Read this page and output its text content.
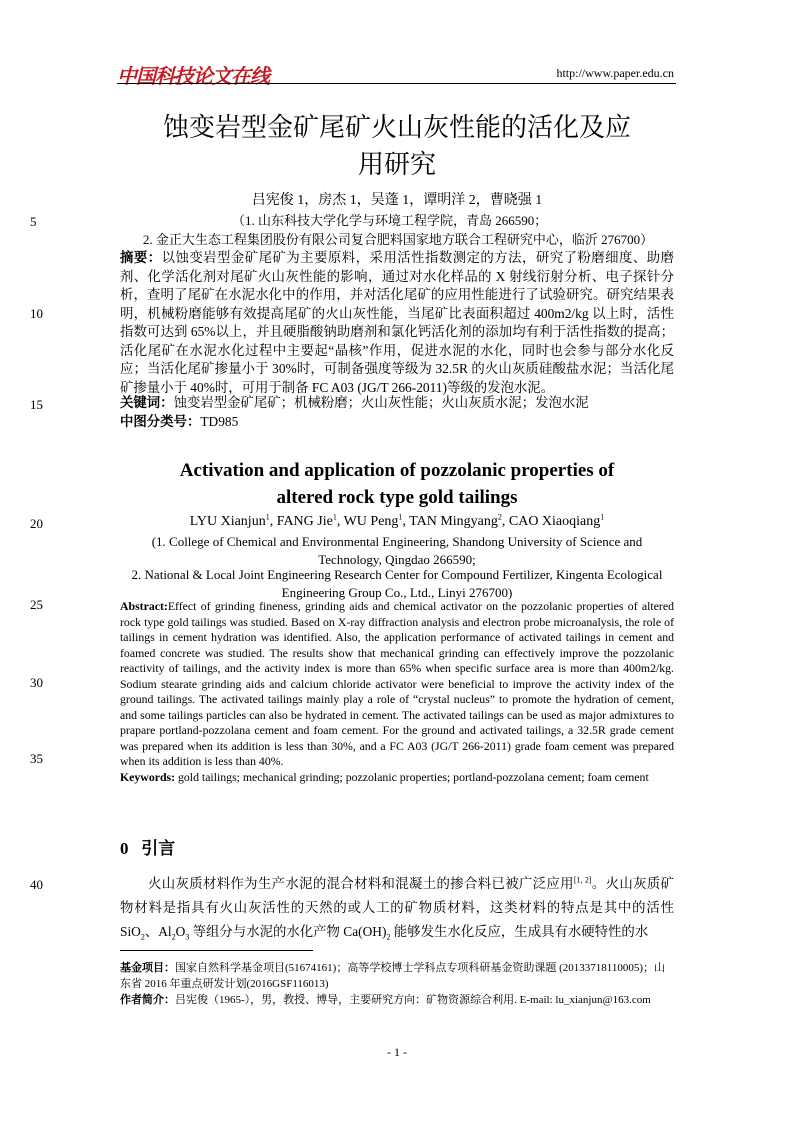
中国科技论文在线	http://www.paper.edu.cn
蚀变岩型金矿尾矿火山灰性能的活化及应
用研究
吕宪俊 1，房杰 1，吴蓬 1，谭明洋 2，曹晓强 1
5
10
15
20
25
30
35
40
（1. 山东科技大学化学与环境工程学院，青岛 266590；
2. 金正大生态工程集团股份有限公司复合肥料国家地方联合工程研究中心，临沂 276700）
摘要：以蚀变岩型金矿尾矿为主要原料，采用活性指数测定的方法，研究了粉磨细度、助磨剂、化学活化剂对尾矿火山灰性能的影响，通过对水化样品的 X 射线衍射分析、电子探针分析，查明了尾矿在水泥水化中的作用，并对活化尾矿的应用性能进行了试验研究。研究结果表明，机械粉磨能够有效提高尾矿的火山灰性能，当尾矿比表面积超过 400m2/kg 以上时，活性指数可达到 65%以上，并且硬脂酸钠助磨剂和氯化钙活化剂的添加均有利于活性指数的提高；活化尾矿在水泥水化过程中主要起“晶核”作用，促进水泥的水化，同时也会参与部分水化反应；当活化尾矿掺量小于 30%时，可制备强度等级为 32.5R 的火山灰质硅酸盐水泥；当活化尾矿掺量小于 40%时，可用于制备 FC A03 (JG/T 266-2011)等级的发泡水泥。
关键词：蚀变岩型金矿尾矿；机械粉磨；火山灰性能；火山灰质水泥；发泡水泥
中图分类号：TD985
Activation and application of pozzolanic properties of
altered rock type gold tailings
LYU Xianjun$^1$, FANG Jie$^1$, WU Peng$^1$, TAN Mingyang$^2$, CAO Xiaoqiang$^1$
(1. College of Chemical and Environmental Engineering, Shandong University of Science and Technology, Qingdao 266590;
2. National & Local Joint Engineering Research Center for Compound Fertilizer, Kingenta Ecological Engineering Group Co., Ltd., Linyi 276700)
Abstract:Effect of grinding fineness, grinding aids and chemical activator on the pozzolanic properties of altered rock type gold tailings was studied. Based on X-ray diffraction analysis and electron probe microanalysis, the role of tailings in cement hydration was identified. Also, the application performance of activated tailings in cement and foamed concrete was studied. The results show that mechanical grinding can effectively improve the pozzolanic reactivity of tailings, and the activity index is more than 65% when specific surface area is more than 400m2/kg. Sodium stearate grinding aids and calcium chloride activator were beneficial to improve the activity index of the ground tailings. The activated tailings mainly play a role of “crystal nucleus” to promote the hydration of cement, and some tailings particles can also be hydrated in cement. The activated tailings can be used as major admixtures to prapare portland-pozzolana cement and foam cement. For the ground and activated tailings, a 32.5R grade cement was prepared when its addition is less than 30%, and a FC A03 (JG/T 266-2011) grade foam cement was prepared when its addition is less than 40%.
Keywords: gold tailings; mechanical grinding; pozzolanic properties; portland-pozzolana cement; foam cement
0 引言
火山灰质材料作为生产水泥的混合材料和混凝土的掺合料已被广泛应用[1, 2]。火山灰质矿物材料是指具有火山灰活性的天然的或人工的矿物质材料，这类材料的特点是其中的活性 SiO$_2$、$Al_2O_3$ 等组分与水泥的水化产物 $Ca(OH)_2$ 能够发生水化反应，生成具有水硬特性的水
基金项目：国家自然科学基金项目(51674161)；高等学校博士学科点专项科研基金资助课题 (20133718110005)；山东省 2016 年重点研发计划(2016GSF116013)
作者简介：吕宪俊（1965-），男，教授、博导，主要研究方向：矿物资源综合利用. E-mail: lu_xianjun@163.com
- 1 -
